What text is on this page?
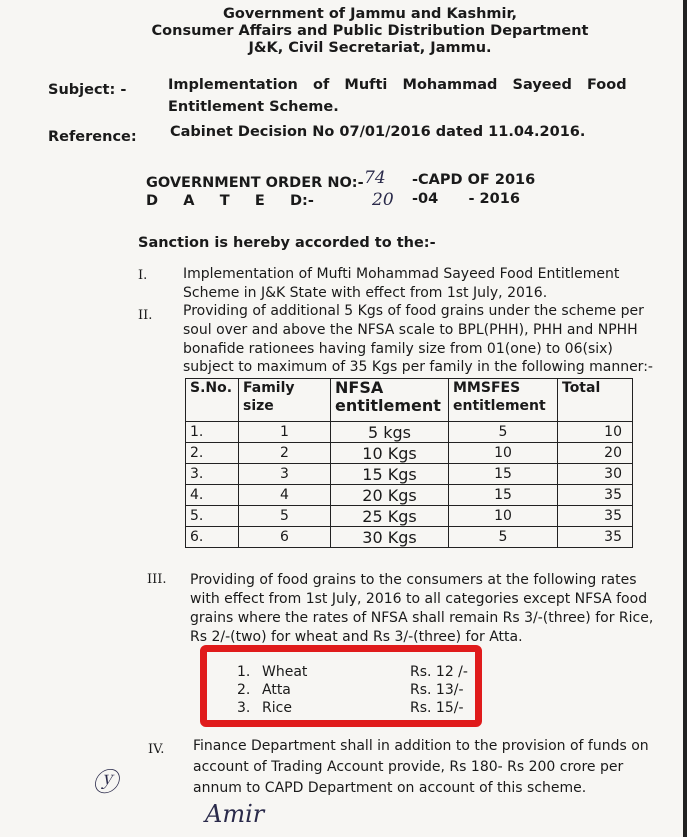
Government of Jammu and Kashmir,
Consumer Affairs and Public Distribution Department
J&K, Civil Secretariat, Jammu.
Subject: -	Implementation   of   Mufti   Mohammad   Sayeed   Food
Entitlement Scheme.
Reference: Cabinet Decision No 07/01/2016 dated 11.04.2016.
GOVERNMENT ORDER NO:- 74 -CAPD OF 2016
D     A     T     E     D:-	20 -04      - 2016
Sanction is hereby accorded to the:-
I.	Implementation of Mufti Mohammad Sayeed Food Entitlement
Scheme in J&K State with effect from 1st July, 2016.
II. Providing of additional 5 Kgs of food grains under the scheme per
soul over and above the NFSA scale to BPL(PHH), PHH and NPHH
bonafide rationees having family size from 01(one) to 06(six)
subject to maximum of 35 Kgs per family in the following manner:-
S.No.	Family size	NFSA entitlement	MMSFES entitlement	Total
1.	1	5 kgs	5	10
2.	2	10 Kgs	10	20
3.	3	15 Kgs	15	30
4.	4	20 Kgs	15	35
5.	5	25 Kgs	10	35
6.	6	30 Kgs	5	35
III. Providing of food grains to the consumers at the following rates
with effect from 1st July, 2016 to all categories except NFSA food
grains where the rates of NFSA shall remain Rs 3/-(three) for Rice,
Rs 2/-(two) for wheat and Rs 3/-(three) for Atta.
1. Wheat	Rs. 12 /-
2. Atta	Rs. 13/-
3. Rice	Rs. 15/-
IV. Finance Department shall in addition to the provision of funds on
account of Trading Account provide, Rs 180- Rs 200 crore per
annum to CAPD Department on account of this scheme.
ⓨ
Amir
